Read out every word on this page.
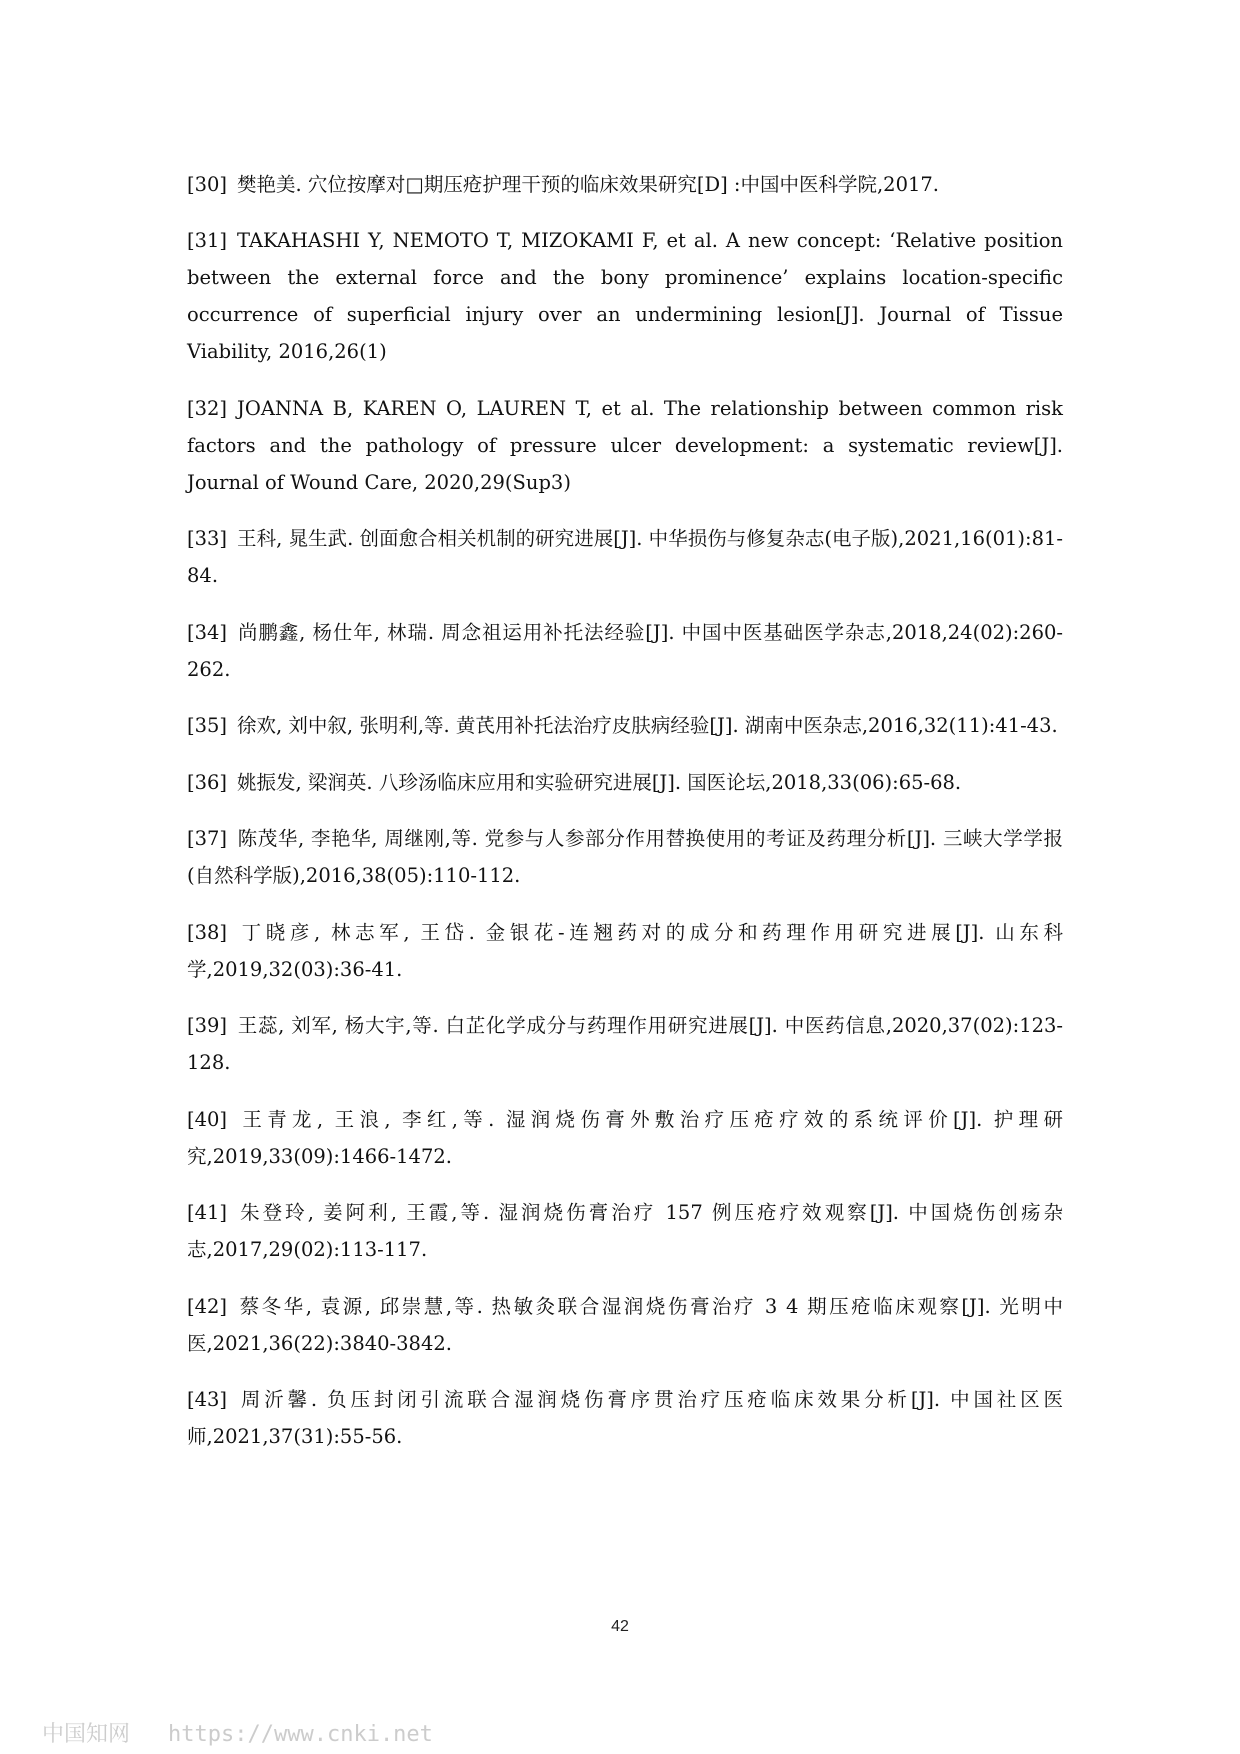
[30] 樊艳美. 穴位按摩对□期压疮护理干预的临床效果研究[D] :中国中医科学院,2017.

[31] TAKAHASHI Y, NEMOTO T, MIZOKAMI F, et al. A new concept: ‘Relative position between the external force and the bony prominence’ explains location-specific occurrence of superficial injury over an undermining lesion[J]. Journal of Tissue Viability, 2016,26(1)

[32] JOANNA B, KAREN O, LAUREN T, et al. The relationship between common risk factors and the pathology of pressure ulcer development: a systematic review[J]. Journal of Wound Care, 2020,29(Sup3)

[33] 王科, 晁生武. 创面愈合相关机制的研究进展[J]. 中华损伤与修复杂志(电子版),2021,16(01):81-84.

[34] 尚鹏鑫, 杨仕年, 林瑞. 周念祖运用补托法经验[J]. 中国中医基础医学杂志,2018,24(02):260-262.

[35] 徐欢, 刘中叙, 张明利,等. 黄芪用补托法治疗皮肤病经验[J]. 湖南中医杂志,2016,32(11):41-43.

[36] 姚振发, 梁润英. 八珍汤临床应用和实验研究进展[J]. 国医论坛,2018,33(06):65-68.

[37] 陈茂华, 李艳华, 周继刚,等. 党参与人参部分作用替换使用的考证及药理分析[J]. 三峡大学学报(自然科学版),2016,38(05):110-112.

[38] 丁晓彦, 林志军, 王岱. 金银花-连翘药对的成分和药理作用研究进展[J]. 山东科学,2019,32(03):36-41.

[39] 王蕊, 刘军, 杨大宇,等. 白芷化学成分与药理作用研究进展[J]. 中医药信息,2020,37(02):123-128.

[40] 王青龙, 王浪, 李红,等. 湿润烧伤膏外敷治疗压疮疗效的系统评价[J]. 护理研究,2019,33(09):1466-1472.

[41] 朱登玲, 姜阿利, 王霞,等. 湿润烧伤膏治疗 157 例压疮疗效观察[J]. 中国烧伤创疡杂志,2017,29(02):113-117.

[42] 蔡冬华, 袁源, 邱崇慧,等. 热敏灸联合湿润烧伤膏治疗 3 4 期压疮临床观察[J]. 光明中医,2021,36(22):3840-3842.

[43] 周沂馨. 负压封闭引流联合湿润烧伤膏序贯治疗压疮临床效果分析[J]. 中国社区医师,2021,37(31):55-56.

42
中国知网 https://www.cnki.net
